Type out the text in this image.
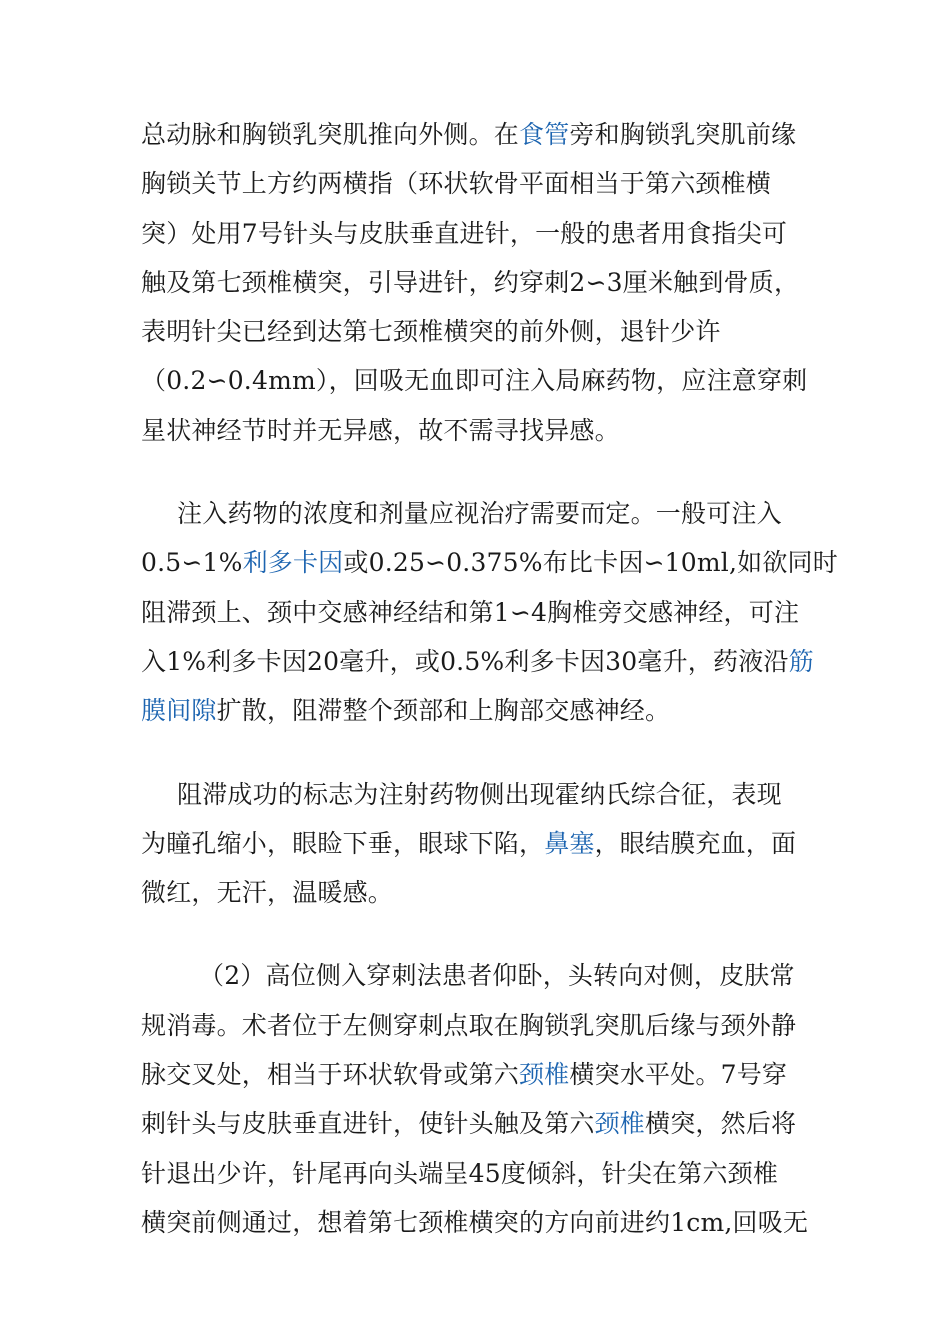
总动脉和胸锁乳突肌推向外侧。在食管旁和胸锁乳突肌前缘
胸锁关节上方约两横指（环状软骨平面相当于第六颈椎横
突）处用7号针头与皮肤垂直进针，一般的患者用食指尖可
触及第七颈椎横突，引导进针，约穿刺2∽3厘米触到骨质，
表明针尖已经到达第七颈椎横突的前外侧，退针少许
（0.2∽0.4mm），回吸无血即可注入局麻药物，应注意穿刺
星状神经节时并无异感，故不需寻找异感。
注入药物的浓度和剂量应视治疗需要而定。一般可注入
0.5∽1%利多卡因或0.25∽0.375%布比卡因∽10ml,如欲同时
阻滞颈上、颈中交感神经结和第1∽4胸椎旁交感神经，可注
入1%利多卡因20毫升，或0.5%利多卡因30毫升，药液沿筋
膜间隙扩散，阻滞整个颈部和上胸部交感神经。
阻滞成功的标志为注射药物侧出现霍纳氏综合征，表现
为瞳孔缩小，眼睑下垂，眼球下陷，鼻塞，眼结膜充血，面
微红，无汗，温暖感。
（2）高位侧入穿刺法患者仰卧，头转向对侧，皮肤常
规消毒。术者位于左侧穿刺点取在胸锁乳突肌后缘与颈外静
脉交叉处，相当于环状软骨或第六颈椎横突水平处。7号穿
刺针头与皮肤垂直进针，使针头触及第六颈椎横突，然后将
针退出少许，针尾再向头端呈45度倾斜，针尖在第六颈椎
横突前侧通过，想着第七颈椎横突的方向前进约1cm,回吸无
